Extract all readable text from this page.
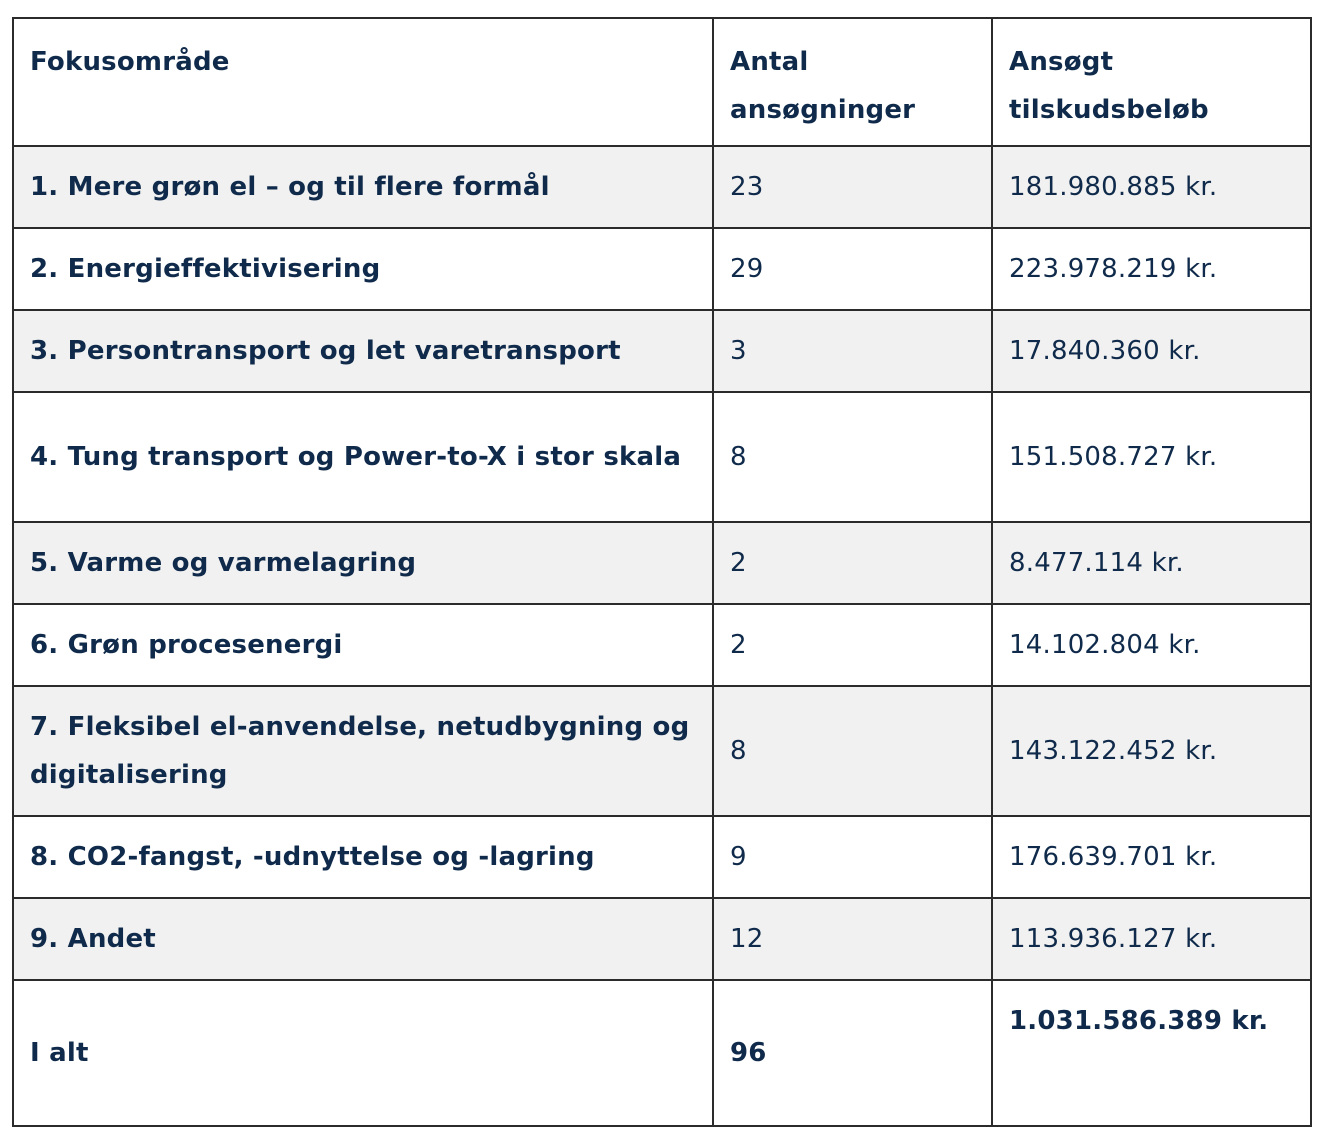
Fokusområde	Antal ansøgninger	Ansøgt tilskudsbeløb
1. Mere grøn el – og til flere formål	23	181.980.885 kr.
2. Energieffektivisering	29	223.978.219 kr.
3. Persontransport og let varetransport	3	17.840.360 kr.
4. Tung transport og Power-to-X i stor skala	8	151.508.727 kr.
5. Varme og varmelagring	2	8.477.114 kr.
6. Grøn procesenergi	2	14.102.804 kr.
7. Fleksibel el-anvendelse, netudbygning og digitalisering	8	143.122.452 kr.
8. CO2-fangst, -udnyttelse og -lagring	9	176.639.701 kr.
9. Andet	12	113.936.127 kr.
I alt	96	1.031.586.389 kr.
